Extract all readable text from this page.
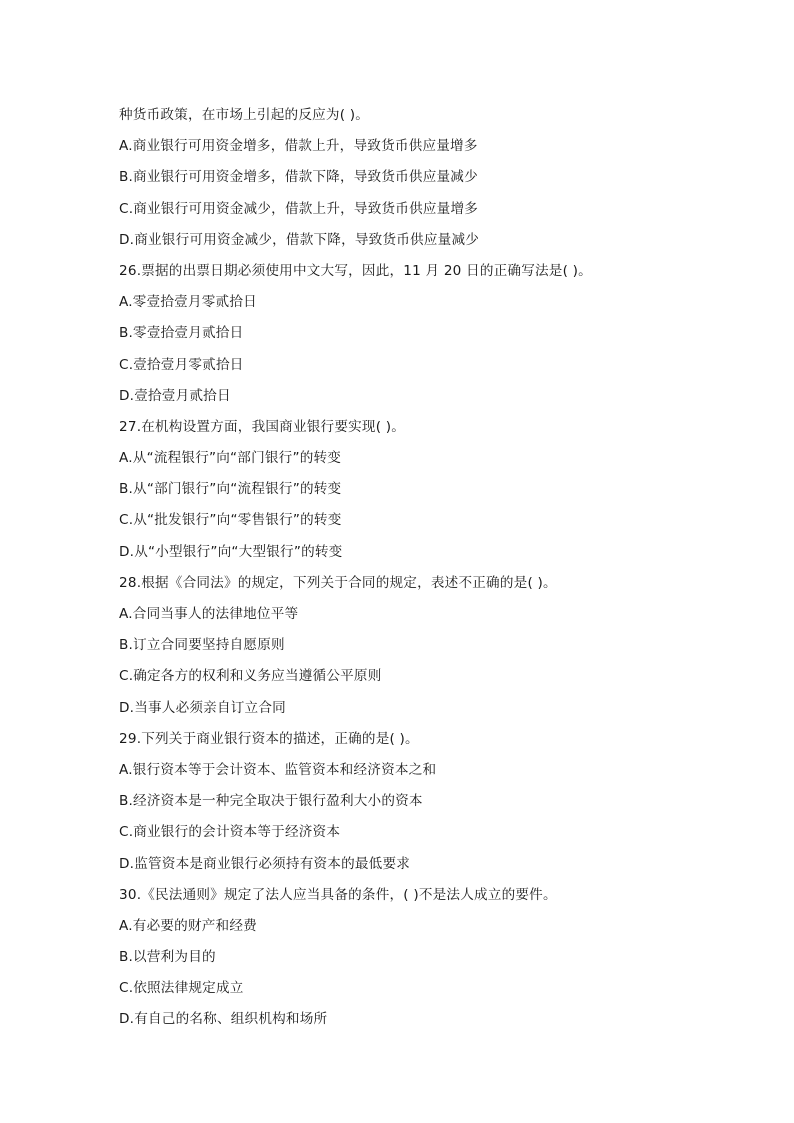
种货币政策，在市场上引起的反应为( )。
A.商业银行可用资金增多，借款上升，导致货币供应量增多
B.商业银行可用资金增多，借款下降，导致货币供应量减少
C.商业银行可用资金减少，借款上升，导致货币供应量增多
D.商业银行可用资金减少，借款下降，导致货币供应量减少
26.票据的出票日期必须使用中文大写，因此，11 月 20 日的正确写法是( )。
A.零壹拾壹月零贰拾日
B.零壹拾壹月贰拾日
C.壹拾壹月零贰拾日
D.壹拾壹月贰拾日
27.在机构设置方面，我国商业银行要实现( )。
A.从“流程银行”向“部门银行”的转变
B.从“部门银行”向“流程银行”的转变
C.从“批发银行”向“零售银行”的转变
D.从“小型银行”向“大型银行”的转变
28.根据《合同法》的规定，下列关于合同的规定，表述不正确的是( )。
A.合同当事人的法律地位平等
B.订立合同要坚持自愿原则
C.确定各方的权利和义务应当遵循公平原则
D.当事人必须亲自订立合同
29.下列关于商业银行资本的描述，正确的是( )。
A.银行资本等于会计资本、监管资本和经济资本之和
B.经济资本是一种完全取决于银行盈利大小的资本
C.商业银行的会计资本等于经济资本
D.监管资本是商业银行必须持有资本的最低要求
30.《民法通则》规定了法人应当具备的条件，( )不是法人成立的要件。
A.有必要的财产和经费
B.以营利为目的
C.依照法律规定成立
D.有自己的名称、组织机构和场所
